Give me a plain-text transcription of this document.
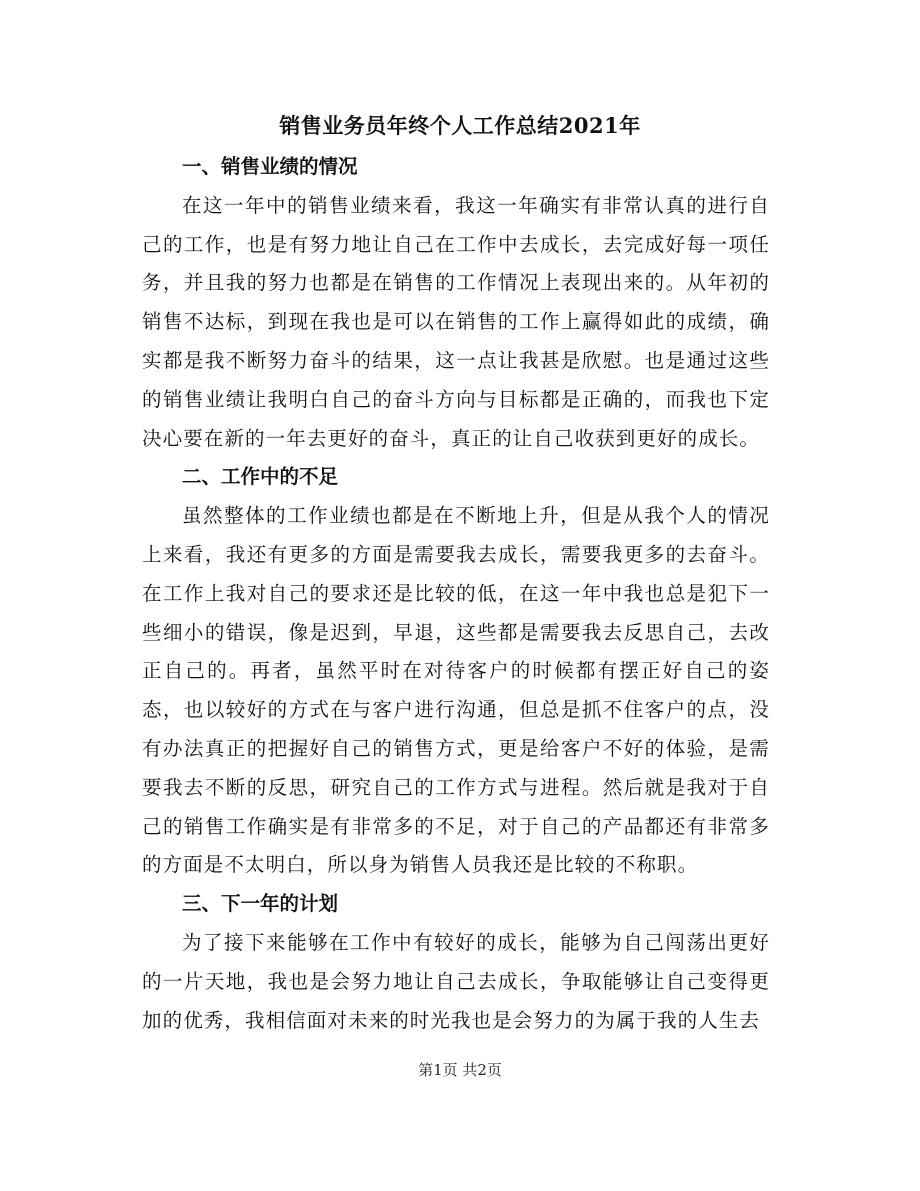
销售业务员年终个人工作总结2021年
一、销售业绩的情况

在这一年中的销售业绩来看，我这一年确实有非常认真的进行自己的工作，也是有努力地让自己在工作中去成长，去完成好每一项任务，并且我的努力也都是在销售的工作情况上表现出来的。从年初的销售不达标，到现在我也是可以在销售的工作上赢得如此的成绩，确实都是我不断努力奋斗的结果，这一点让我甚是欣慰。也是通过这些的销售业绩让我明白自己的奋斗方向与目标都是正确的，而我也下定决心要在新的一年去更好的奋斗，真正的让自己收获到更好的成长。

二、工作中的不足

虽然整体的工作业绩也都是在不断地上升，但是从我个人的情况上来看，我还有更多的方面是需要我去成长，需要我更多的去奋斗。在工作上我对自己的要求还是比较的低，在这一年中我也总是犯下一些细小的错误，像是迟到，早退，这些都是需要我去反思自己，去改正自己的。再者，虽然平时在对待客户的时候都有摆正好自己的姿态，也以较好的方式在与客户进行沟通，但总是抓不住客户的点，没有办法真正的把握好自己的销售方式，更是给客户不好的体验，是需要我去不断的反思，研究自己的工作方式与进程。然后就是我对于自己的销售工作确实是有非常多的不足，对于自己的产品都还有非常多的方面是不太明白，所以身为销售人员我还是比较的不称职。

三、下一年的计划

为了接下来能够在工作中有较好的成长，能够为自己闯荡出更好的一片天地，我也是会努力地让自己去成长，争取能够让自己变得更加的优秀，我相信面对未来的时光我也是会努力的为属于我的人生去

第1页 共2页
